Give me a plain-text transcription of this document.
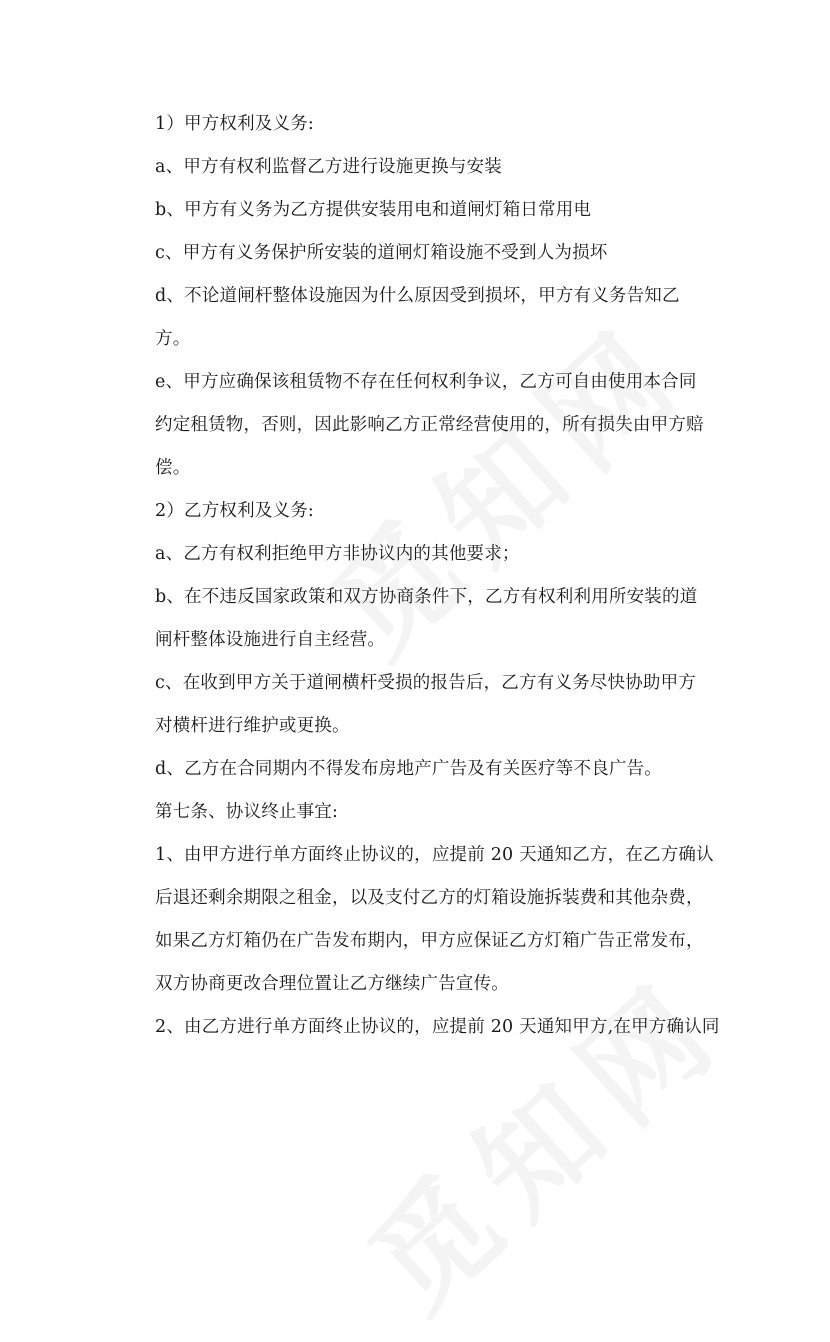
1）甲方权利及义务:
a、甲方有权利监督乙方进行设施更换与安装
b、甲方有义务为乙方提供安装用电和道闸灯箱日常用电
c、甲方有义务保护所安装的道闸灯箱设施不受到人为损坏
d、不论道闸杆整体设施因为什么原因受到损坏，甲方有义务告知乙
方。
e、甲方应确保该租赁物不存在任何权利争议，乙方可自由使用本合同
约定租赁物，否则，因此影响乙方正常经营使用的，所有损失由甲方赔
偿。
2）乙方权利及义务:
a、乙方有权利拒绝甲方非协议内的其他要求；
b、在不违反国家政策和双方协商条件下，乙方有权利利用所安装的道
闸杆整体设施进行自主经营。
c、在收到甲方关于道闸横杆受损的报告后，乙方有义务尽快协助甲方
对横杆进行维护或更换。
d、乙方在合同期内不得发布房地产广告及有关医疗等不良广告。
第七条、协议终止事宜:
1、由甲方进行单方面终止协议的，应提前 20 天通知乙方，在乙方确认
后退还剩余期限之租金，以及支付乙方的灯箱设施拆装费和其他杂费，
如果乙方灯箱仍在广告发布期内，甲方应保证乙方灯箱广告正常发布，
双方协商更改合理位置让乙方继续广告宣传。
2、由乙方进行单方面终止协议的，应提前 20 天通知甲方,在甲方确认同
